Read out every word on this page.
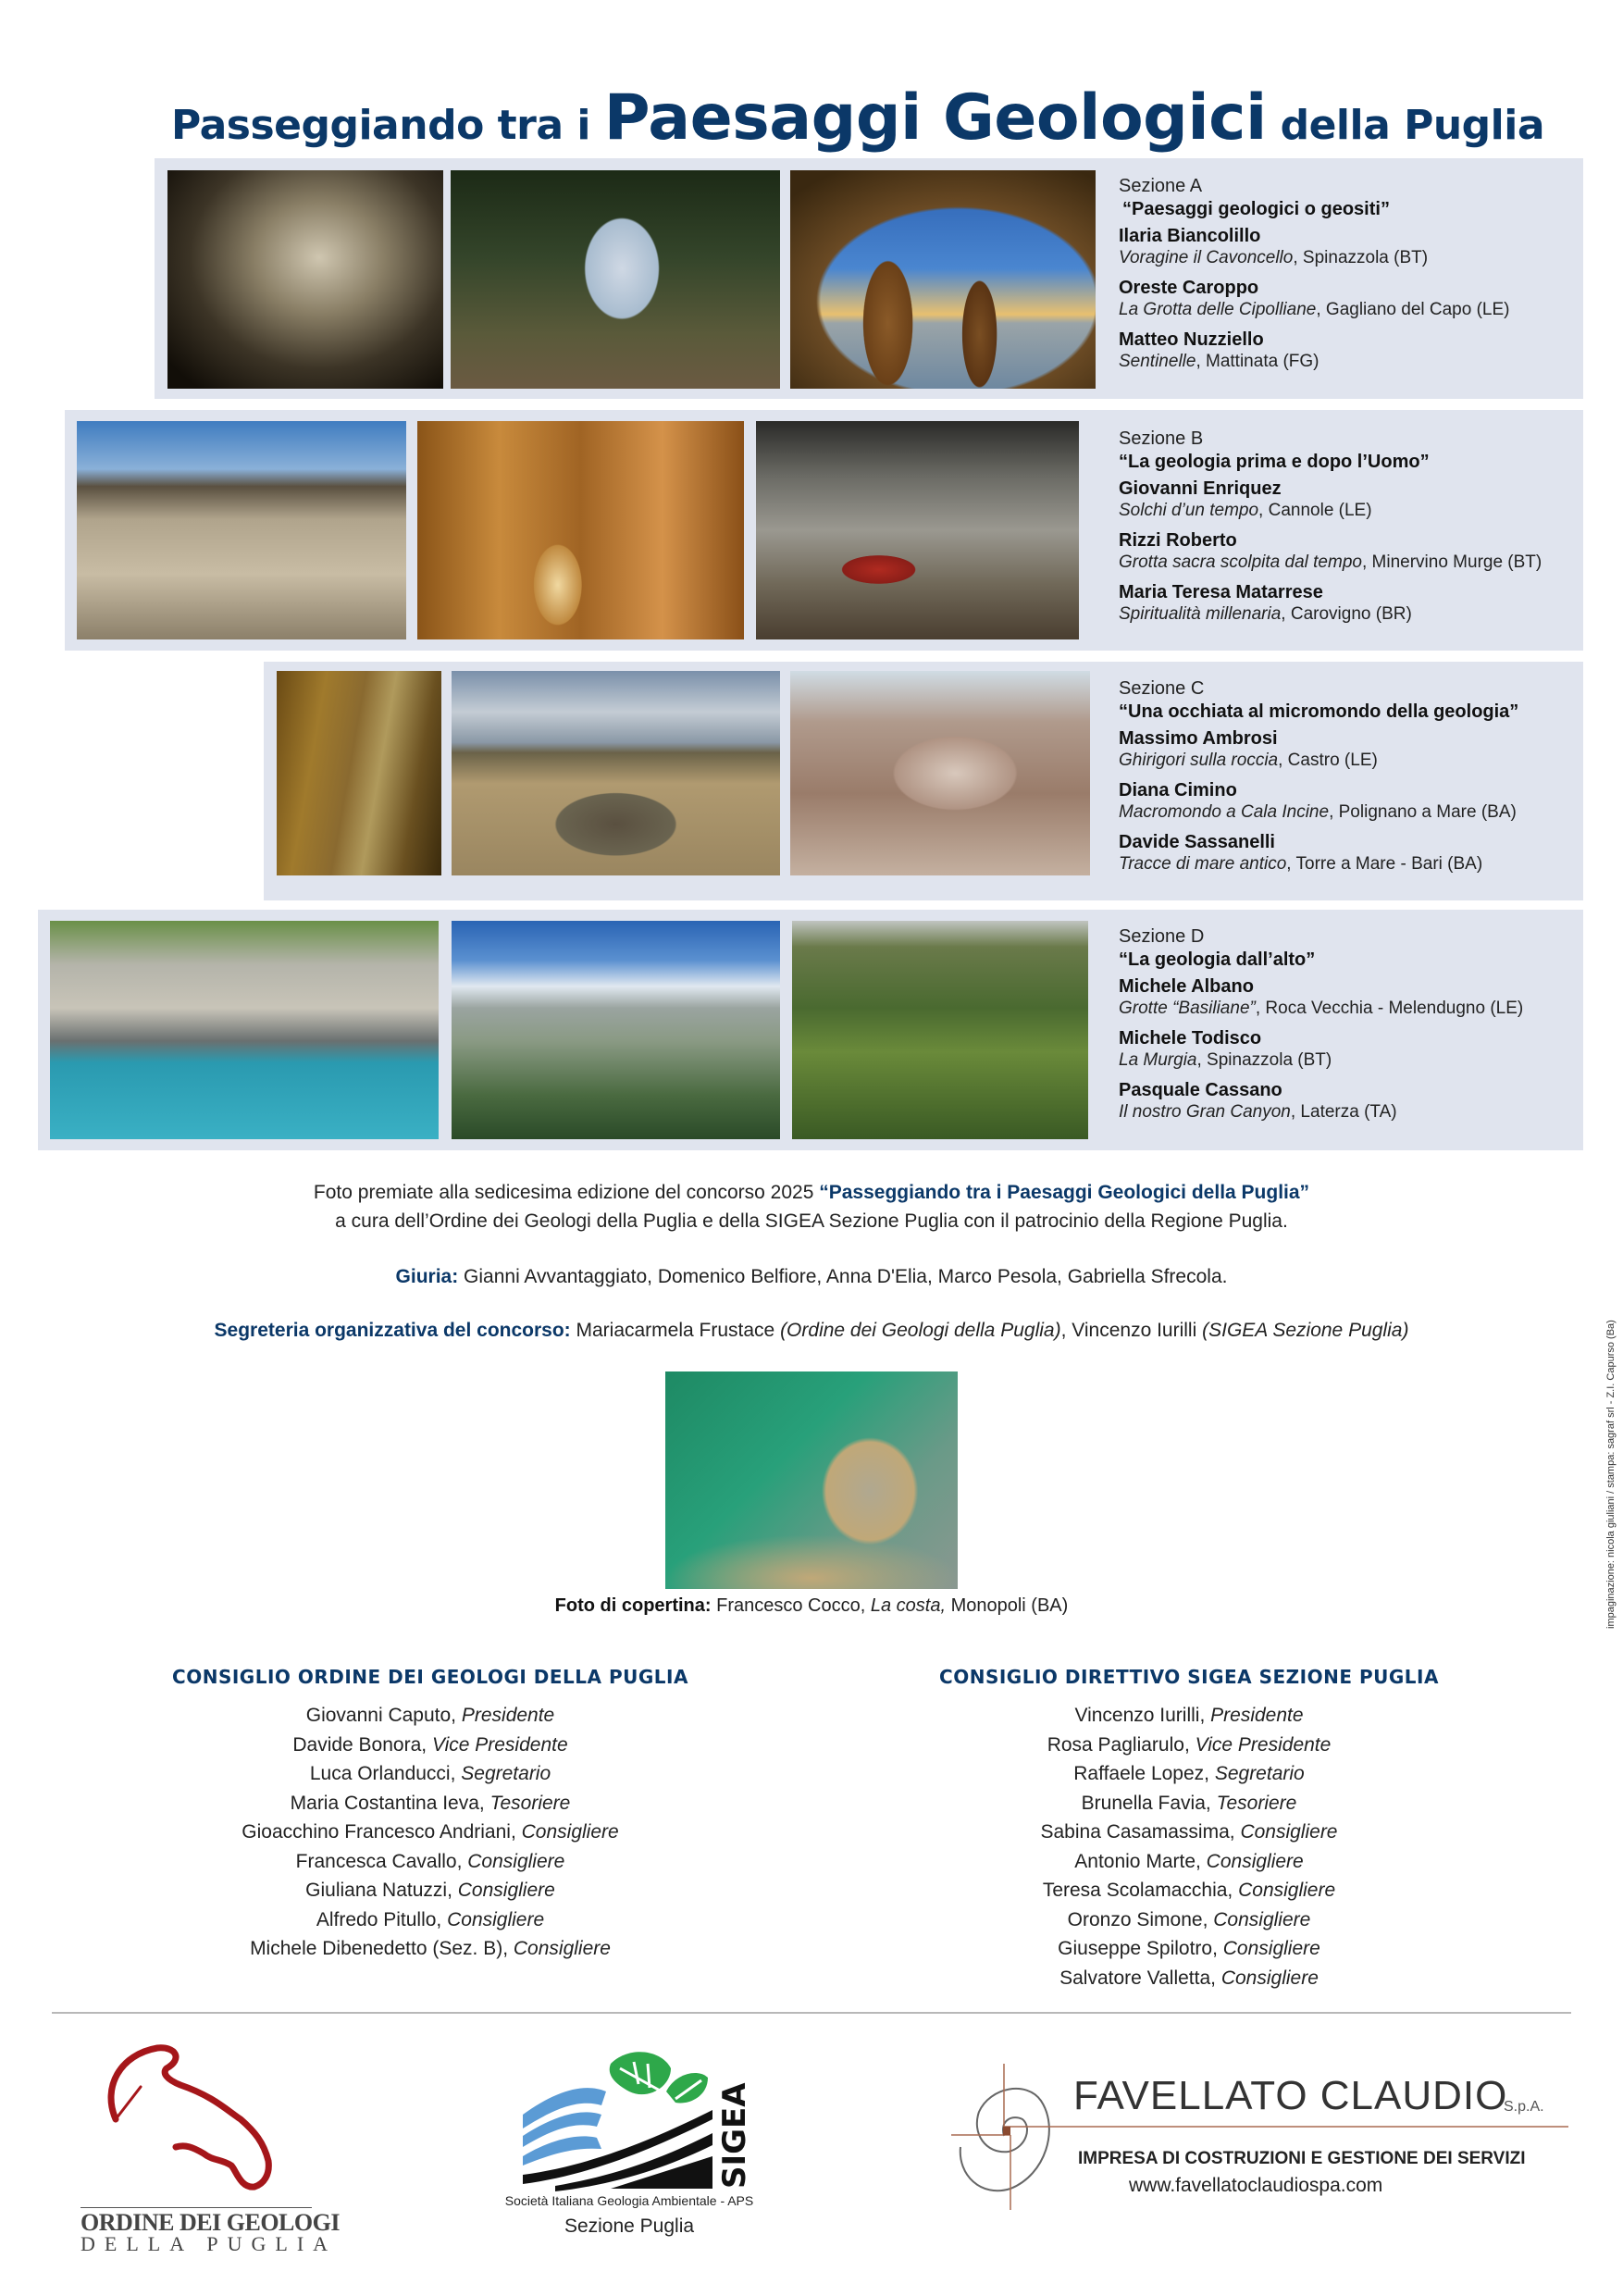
Passeggiando tra i Paesaggi Geologici della Puglia
Sezione A
“Paesaggi geologici o geositi”
Ilaria Biancolillo
Voragine il Cavoncello, Spinazzola (BT)
Oreste Caroppo
La Grotta delle Cipolliane, Gagliano del Capo (LE)
Matteo Nuzziello
Sentinelle, Mattinata (FG)
Sezione B
“La geologia prima e dopo l’Uomo”
Giovanni Enriquez
Solchi d’un tempo, Cannole (LE)
Rizzi Roberto
Grotta sacra scolpita dal tempo, Minervino Murge (BT)
Maria Teresa Matarrese
Spiritualità millenaria, Carovigno (BR)
Sezione C
“Una occhiata al micromondo della geologia”
Massimo Ambrosi
Ghirigori sulla roccia, Castro (LE)
Diana Cimino
Macromondo a Cala Incine, Polignano a Mare (BA)
Davide Sassanelli
Tracce di mare antico, Torre a Mare - Bari (BA)
Sezione D
“La geologia dall’alto”
Michele Albano
Grotte “Basiliane”, Roca Vecchia - Melendugno (LE)
Michele Todisco
La Murgia, Spinazzola (BT)
Pasquale Cassano
Il nostro Gran Canyon, Laterza (TA)
Foto premiate alla sedicesima edizione del concorso 2025 “Passeggiando tra i Paesaggi Geologici della Puglia”
a cura dell’Ordine dei Geologi della Puglia e della SIGEA Sezione Puglia con il patrocinio della Regione Puglia.
Giuria: Gianni Avvantaggiato, Domenico Belfiore, Anna D'Elia, Marco Pesola, Gabriella Sfrecola.
Segreteria organizzativa del concorso: Mariacarmela Frustace (Ordine dei Geologi della Puglia), Vincenzo Iurilli (SIGEA Sezione Puglia)
Foto di copertina: Francesco Cocco, La costa, Monopoli (BA)	impaginazione: nicola giuliani / stampa: sagraf srl - Z.I. Capurso (Ba)
CONSIGLIO ORDINE DEI GEOLOGI DELLA PUGLIA
Giovanni Caputo, Presidente
Davide Bonora, Vice Presidente
Luca Orlanducci, Segretario
Maria Costantina Ieva, Tesoriere
Gioacchino Francesco Andriani, Consigliere
Francesca Cavallo, Consigliere
Giuliana Natuzzi, Consigliere
Alfredo Pitullo, Consigliere
Michele Dibenedetto (Sez. B), Consigliere
CONSIGLIO DIRETTIVO SIGEA SEZIONE PUGLIA
Vincenzo Iurilli, Presidente
Rosa Pagliarulo, Vice Presidente
Raffaele Lopez, Segretario
Brunella Favia, Tesoriere
Sabina Casamassima, Consigliere
Antonio Marte, Consigliere
Teresa Scolamacchia, Consigliere
Oronzo Simone, Consigliere
Giuseppe Spilotro, Consigliere
Salvatore Valletta, Consigliere
ORDINE DEI GEOLOGI
DELLA PUGLIA
SIGEA
Società Italiana Geologia Ambientale - APS
Sezione Puglia
FAVELLATO CLAUDIO
S.p.A.
IMPRESA DI COSTRUZIONI E GESTIONE DEI SERVIZI
www.favellatoclaudiospa.com
